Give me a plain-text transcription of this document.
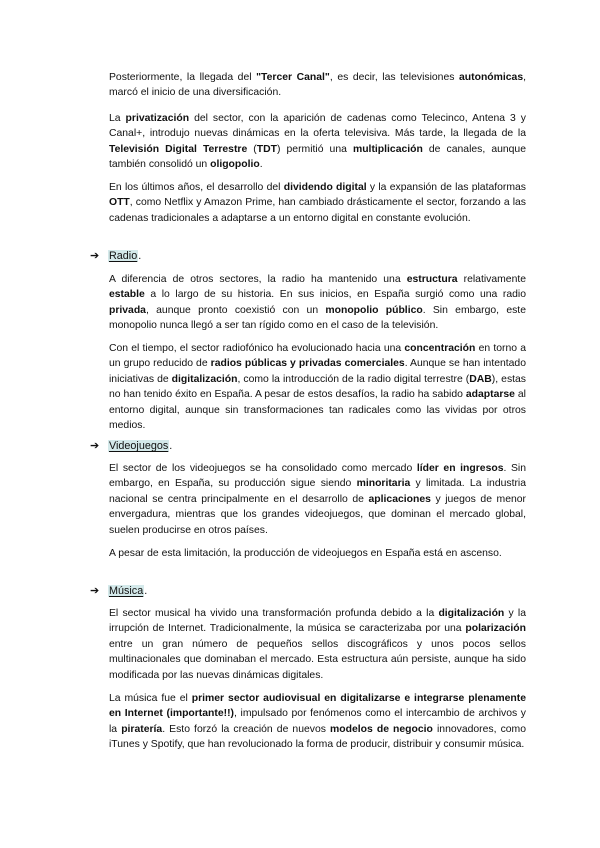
Posteriormente, la llegada del "Tercer Canal", es decir, las televisiones autonómicas, marcó el inicio de una diversificación.

La privatización del sector, con la aparición de cadenas como Telecinco, Antena 3 y Canal+, introdujo nuevas dinámicas en la oferta televisiva. Más tarde, la llegada de la Televisión Digital Terrestre (TDT) permitió una multiplicación de canales, aunque también consolidó un oligopolio.

En los últimos años, el desarrollo del dividendo digital y la expansión de las plataformas OTT, como Netflix y Amazon Prime, han cambiado drásticamente el sector, forzando a las cadenas tradicionales a adaptarse a un entorno digital en constante evolución.

➔ Radio.

A diferencia de otros sectores, la radio ha mantenido una estructura relativamente estable a lo largo de su historia. En sus inicios, en España surgió como una radio privada, aunque pronto coexistió con un monopolio público. Sin embargo, este monopolio nunca llegó a ser tan rígido como en el caso de la televisión.

Con el tiempo, el sector radiofónico ha evolucionado hacia una concentración en torno a un grupo reducido de radios públicas y privadas comerciales. Aunque se han intentado iniciativas de digitalización, como la introducción de la radio digital terrestre (DAB), estas no han tenido éxito en España. A pesar de estos desafíos, la radio ha sabido adaptarse al entorno digital, aunque sin transformaciones tan radicales como las vividas por otros medios.

➔ Videojuegos.

El sector de los videojuegos se ha consolidado como mercado líder en ingresos. Sin embargo, en España, su producción sigue siendo minoritaria y limitada. La industria nacional se centra principalmente en el desarrollo de aplicaciones y juegos de menor envergadura, mientras que los grandes videojuegos, que dominan el mercado global, suelen producirse en otros países.

A pesar de esta limitación, la producción de videojuegos en España está en ascenso.

➔ Música.

El sector musical ha vivido una transformación profunda debido a la digitalización y la irrupción de Internet. Tradicionalmente, la música se caracterizaba por una polarización entre un gran número de pequeños sellos discográficos y unos pocos sellos multinacionales que dominaban el mercado. Esta estructura aún persiste, aunque ha sido modificada por las nuevas dinámicas digitales.

La música fue el primer sector audiovisual en digitalizarse e integrarse plenamente en Internet (importante!!), impulsado por fenómenos como el intercambio de archivos y la piratería. Esto forzó la creación de nuevos modelos de negocio innovadores, como iTunes y Spotify, que han revolucionado la forma de producir, distribuir y consumir música.
